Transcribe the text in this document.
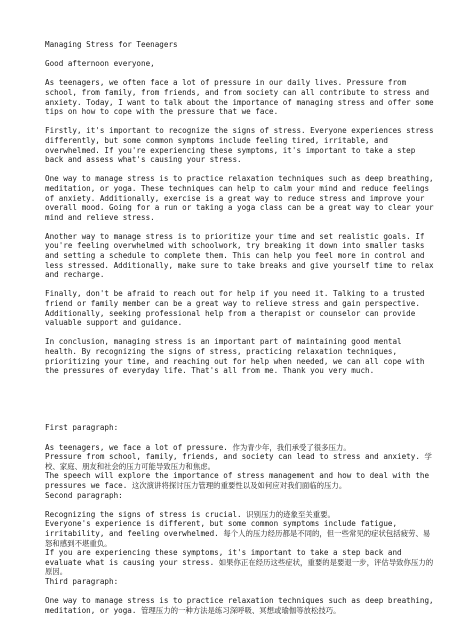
Managing Stress for Teenagers

Good afternoon everyone,

As teenagers, we often face a lot of pressure in our daily lives. Pressure from school, from family, from friends, and from society can all contribute to stress and anxiety. Today, I want to talk about the importance of managing stress and offer some tips on how to cope with the pressure that we face.

Firstly, it's important to recognize the signs of stress. Everyone experiences stress differently, but some common symptoms include feeling tired, irritable, and overwhelmed. If you're experiencing these symptoms, it's important to take a step back and assess what's causing your stress.

One way to manage stress is to practice relaxation techniques such as deep breathing, meditation, or yoga. These techniques can help to calm your mind and reduce feelings of anxiety. Additionally, exercise is a great way to reduce stress and improve your overall mood. Going for a run or taking a yoga class can be a great way to clear your mind and relieve stress.

Another way to manage stress is to prioritize your time and set realistic goals. If you're feeling overwhelmed with schoolwork, try breaking it down into smaller tasks and setting a schedule to complete them. This can help you feel more in control and less stressed. Additionally, make sure to take breaks and give yourself time to relax and recharge.

Finally, don't be afraid to reach out for help if you need it. Talking to a trusted friend or family member can be a great way to relieve stress and gain perspective. Additionally, seeking professional help from a therapist or counselor can provide valuable support and guidance.

In conclusion, managing stress is an important part of maintaining good mental health. By recognizing the signs of stress, practicing relaxation techniques, prioritizing your time, and reaching out for help when needed, we can all cope with the pressures of everyday life. That's all from me. Thank you very much.

First paragraph:

As teenagers, we face a lot of pressure. 作为青少年，我们承受了很多压力。
Pressure from school, family, friends, and society can lead to stress and anxiety. 学校、家庭、朋友和社会的压力可能导致压力和焦虑。
The speech will explore the importance of stress management and how to deal with the pressures we face. 这次演讲将探讨压力管理的重要性以及如何应对我们面临的压力。

Second paragraph:

Recognizing the signs of stress is crucial. 识别压力的迹象至关重要。
Everyone's experience is different, but some common symptoms include fatigue, irritability, and feeling overwhelmed. 每个人的压力经历都是不同的，但一些常见的症状包括疲劳、易怒和感到不堪重负。
If you are experiencing these symptoms, it's important to take a step back and evaluate what is causing your stress. 如果你正在经历这些症状，重要的是要退一步，评估导致你压力的原因。

Third paragraph:

One way to manage stress is to practice relaxation techniques such as deep breathing, meditation, or yoga. 管理压力的一种方法是练习深呼吸、冥想或瑜伽等放松技巧。
